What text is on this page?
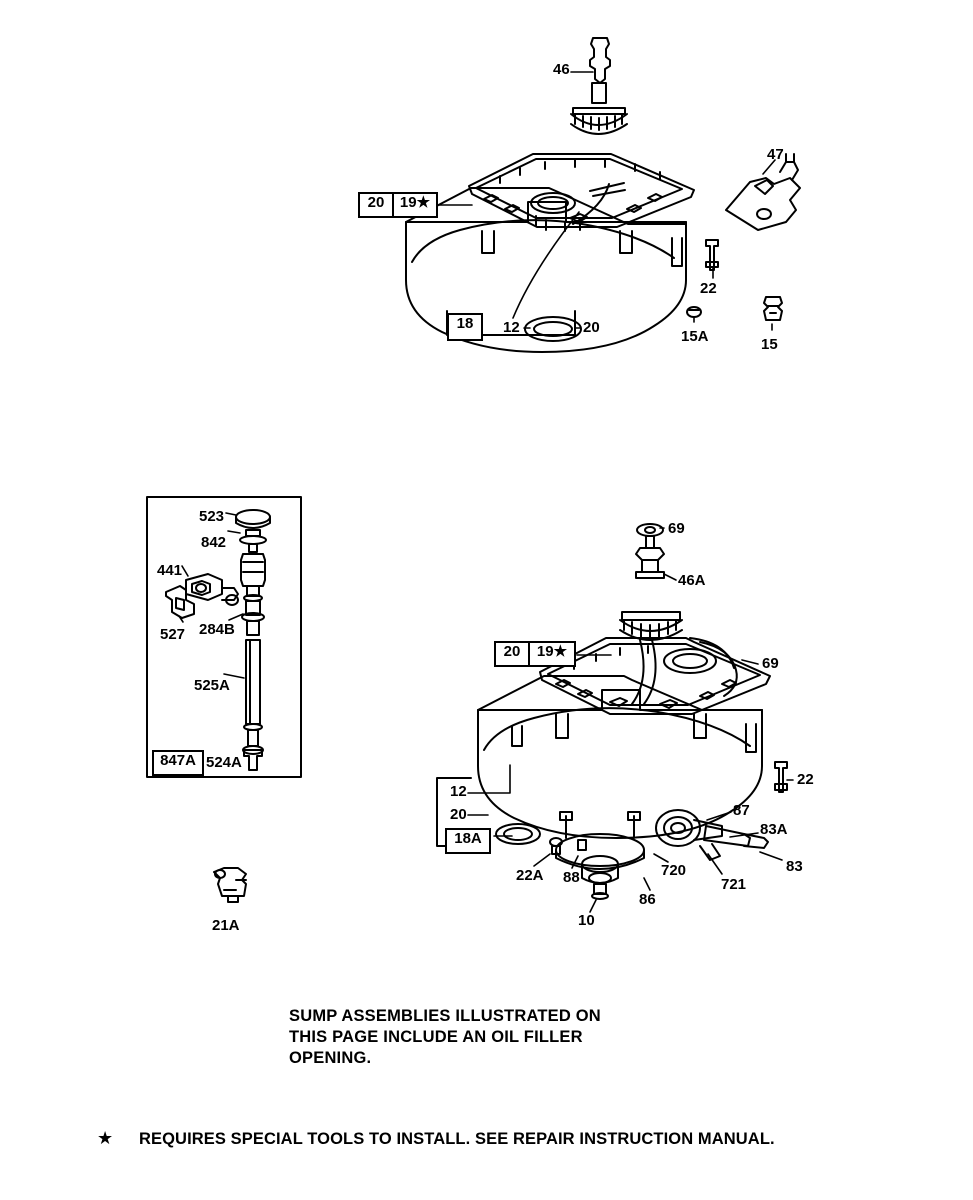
46
47
20	19★
22
15A	15
18	12	20
523
842
441
527 284B
525A
847A 524A
21A
69
46A
20	19★
69
22
12
20
18A
87
83A
83
22A 88	720
721
86
10
SUMP ASSEMBLIES ILLUSTRATED ON
THIS PAGE INCLUDE AN OIL FILLER
OPENING.
★ REQUIRES SPECIAL TOOLS TO INSTALL. SEE REPAIR INSTRUCTION MANUAL.
